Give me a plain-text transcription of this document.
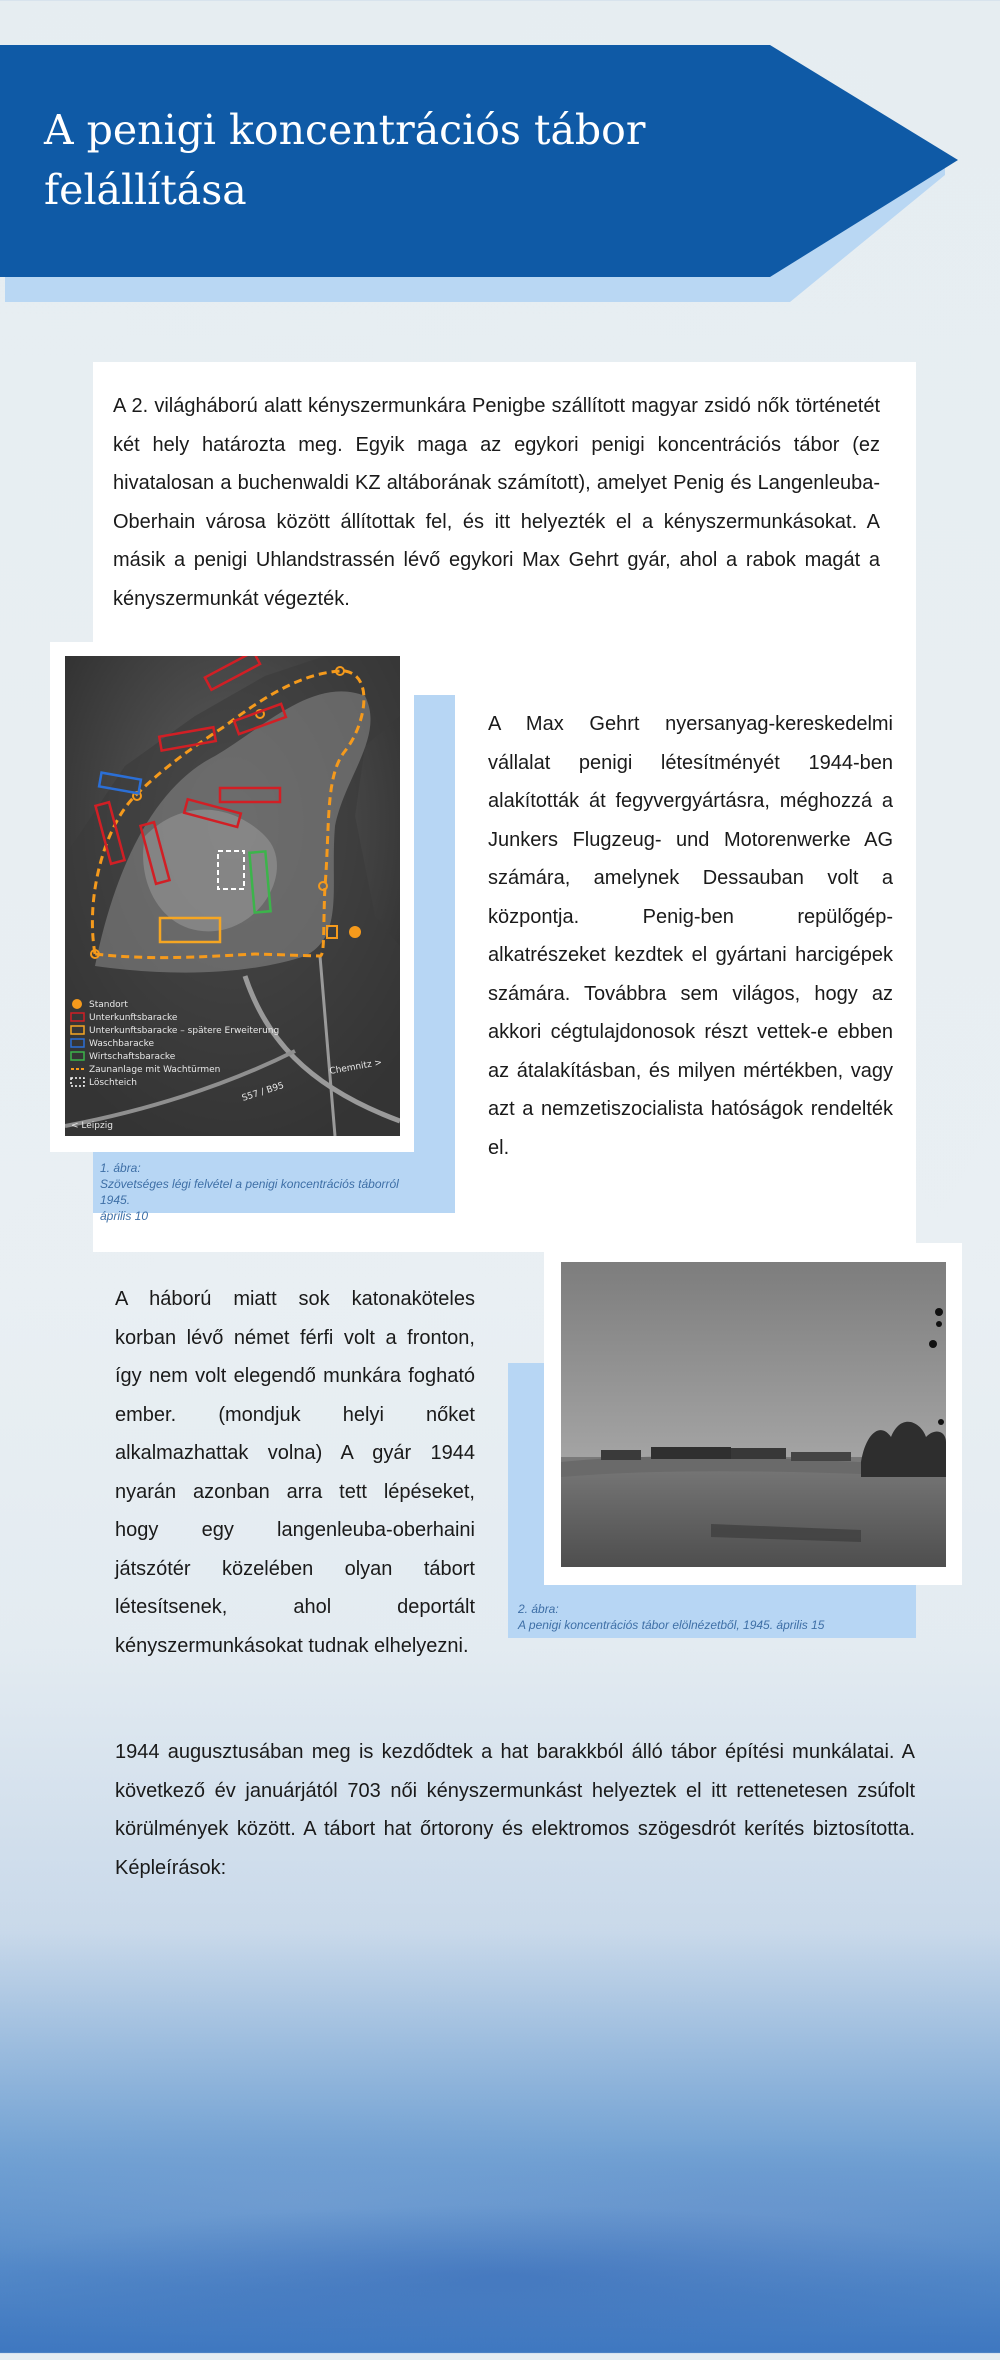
A penigi koncentrációs tábor
felállítása

A 2. világháború alatt kényszermunkára Penigbe szállított magyar zsidó nők történetét két hely határozta meg. Egyik maga az egykori penigi koncentrációs tábor (ez hivatalosan a buchenwaldi KZ altáborának számított), amelyet Penig és Langenleuba-Oberhain városa között állítottak fel, és itt helyezték el a kényszermunkásokat. A másik a penigi Uhlandstrassén lévő egykori Max Gehrt gyár, ahol a rabok magát a kényszermunkát végezték.

Standort
Unterkunftsbaracke
Unterkunftsbaracke – spätere Erweiterung
Waschbaracke
Wirtschaftsbaracke
Zaunanlage mit Wachtürmen
Löschteich
< Leipzig
Chemnitz >
S57 / B95
1. ábra:
Szövetséges légi felvétel a penigi koncentrációs táborról 1945.
április 10

A Max Gehrt nyersanyag-kereskedelmi vállalat penigi létesítményét 1944-ben alakították át fegyvergyártásra, méghozzá a Junkers Flugzeug- und Motorenwerke AG számára, amelynek Dessauban volt a központja. Penig-ben repülőgép-alkatrészeket kezdtek el gyártani harcigépek számára. Továbbra sem világos, hogy az akkori cégtulajdonosok részt vettek-e ebben az átalakításban, és milyen mértékben, vagy azt a nemzetiszocialista hatóságok rendelték el.

A háború miatt sok katonaköteles korban lévő német férfi volt a fronton, így nem volt elegendő munkára fogható ember. (mondjuk helyi nőket alkalmazhattak volna) A gyár 1944 nyarán azonban arra tett lépéseket, hogy egy langenleuba-oberhaini játszótér közelében olyan tábort létesítsenek, ahol deportált kényszermunkásokat tudnak elhelyezni.

2. ábra:
A penigi koncentrációs tábor elölnézetből, 1945. április 15

1944 augusztusában meg is kezdődtek a hat barakkból álló tábor építési munkálatai. A következő év januárjától 703 női kényszermunkást helyeztek el itt rettenetesen zsúfolt körülmények között. A tábort hat őrtorony és elektromos szögesdrót kerítés biztosította. Képleírások:
